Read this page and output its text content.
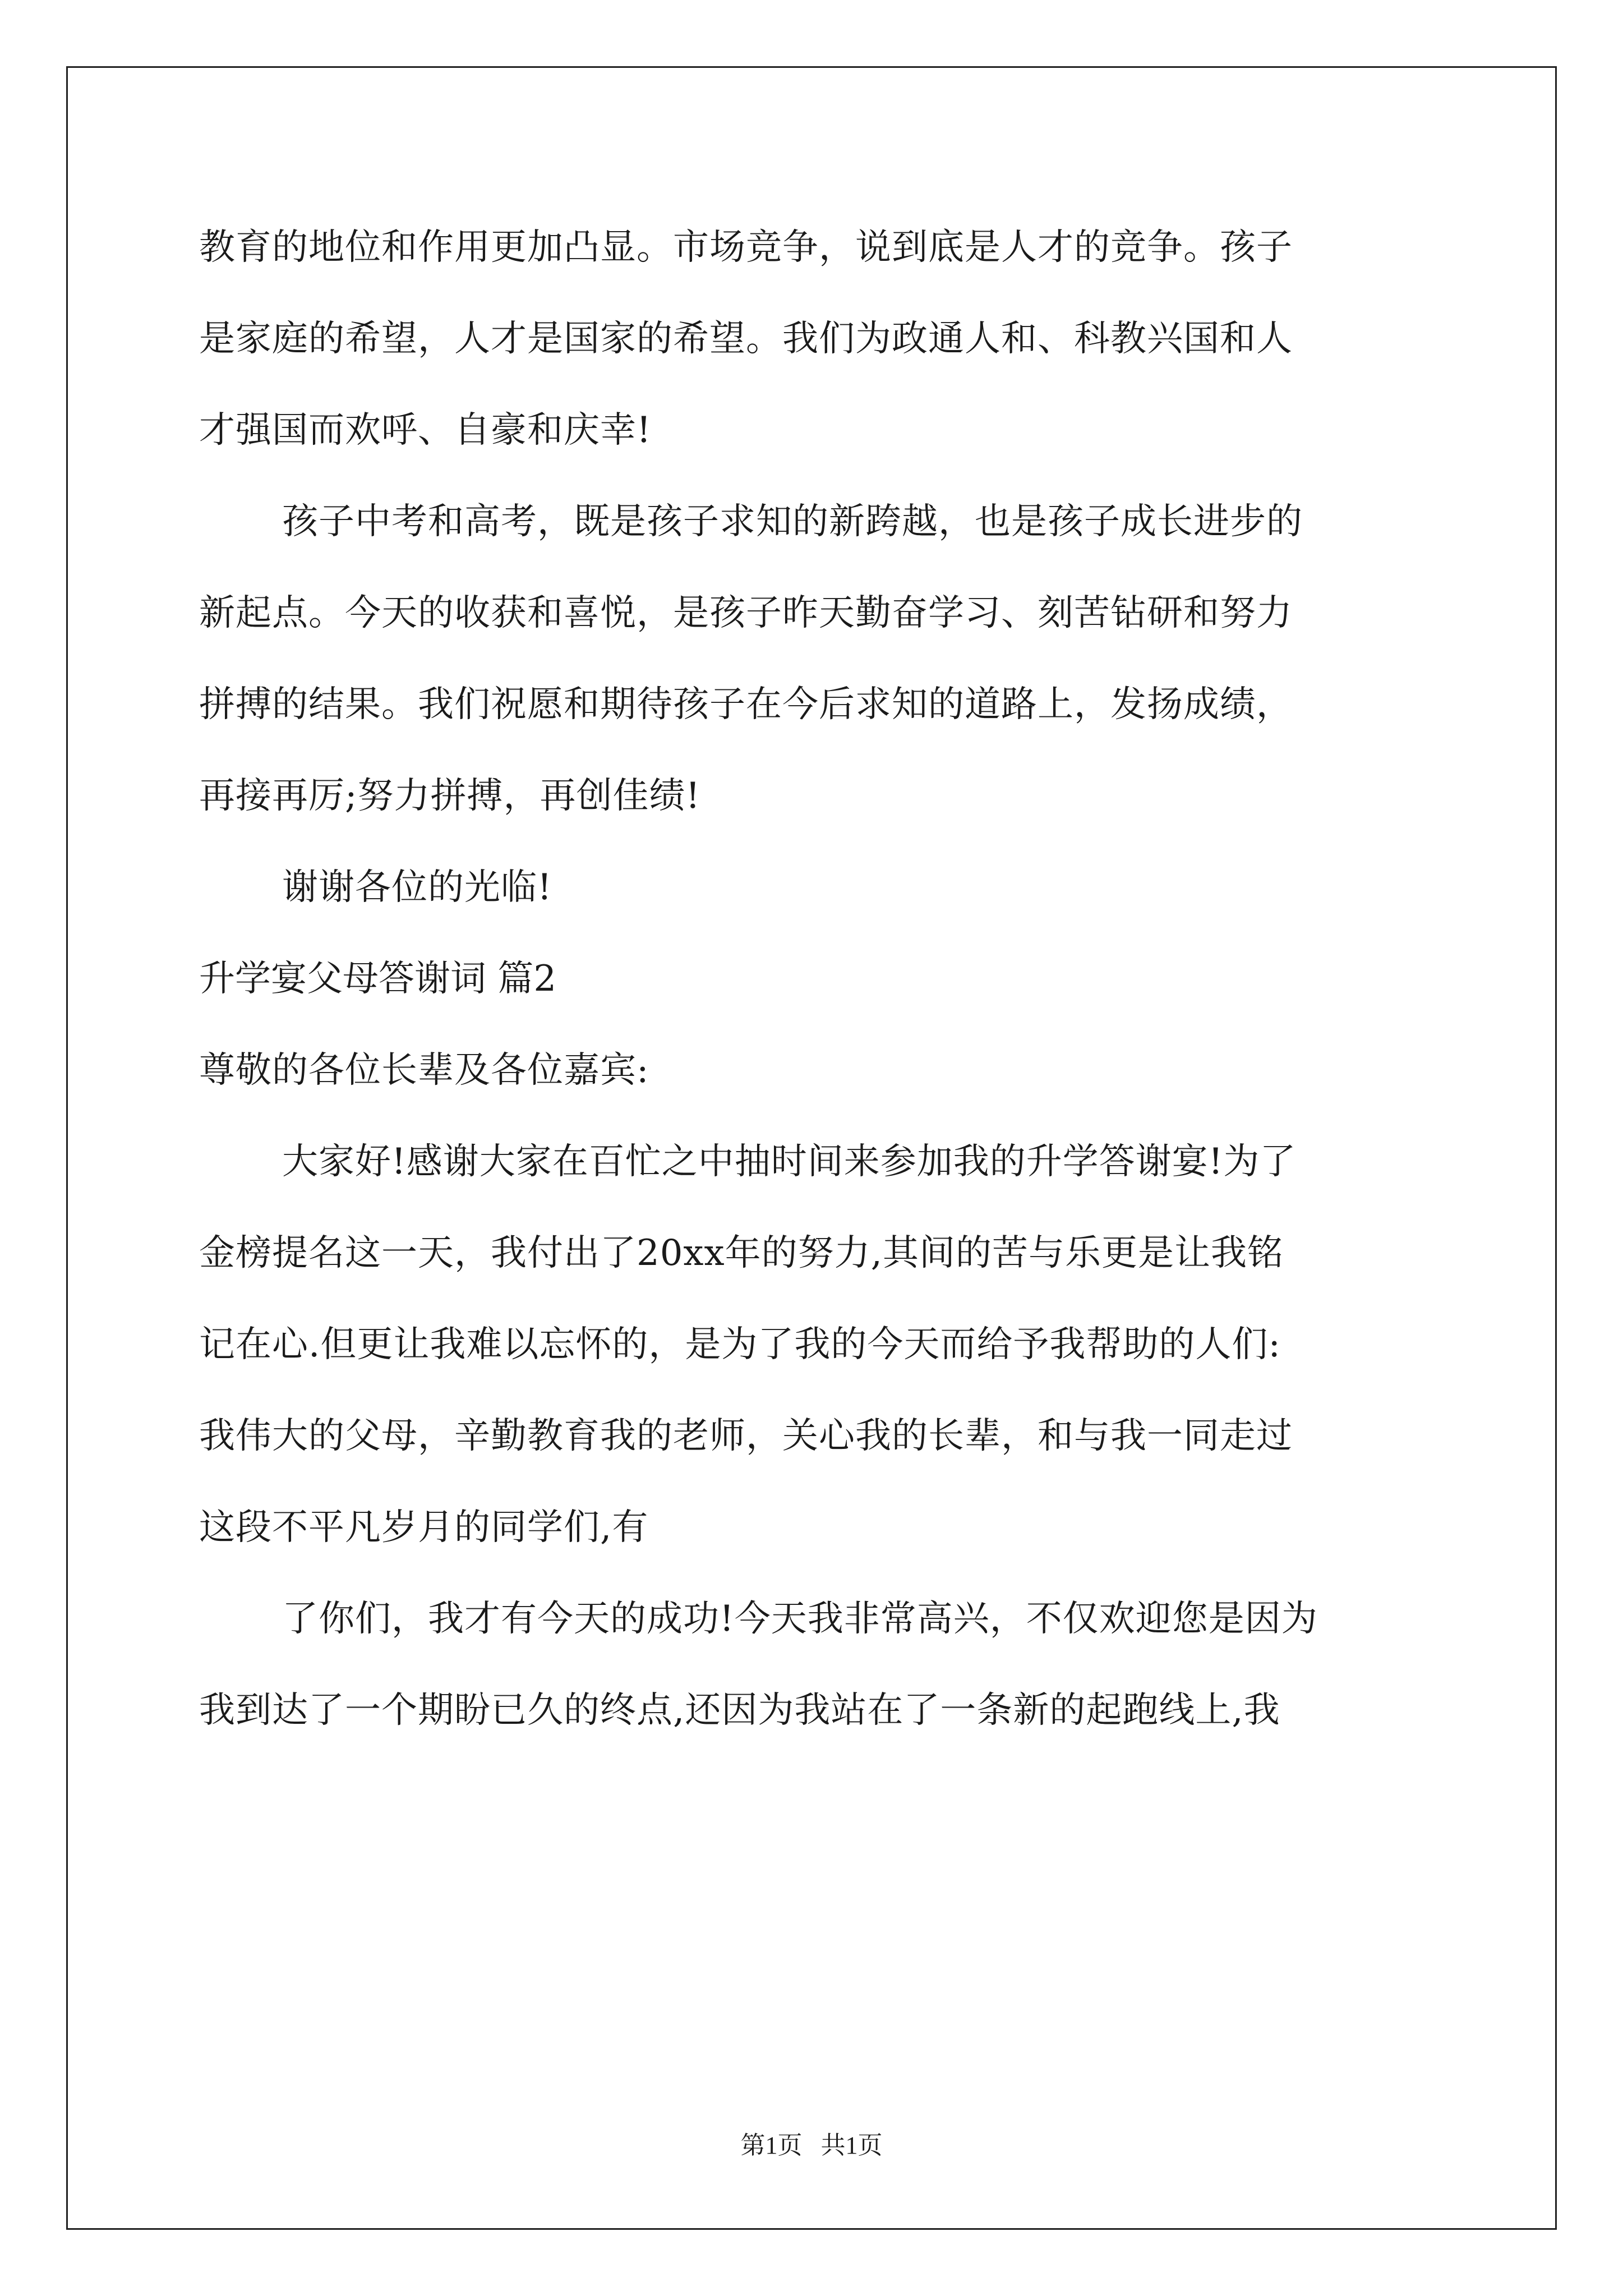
教育的地位和作用更加凸显。市场竞争，说到底是人才的竞争。孩子
是家庭的希望，人才是国家的希望。我们为政通人和、科教兴国和人
才强国而欢呼、自豪和庆幸!
孩子中考和高考，既是孩子求知的新跨越，也是孩子成长进步的
新起点。今天的收获和喜悦，是孩子昨天勤奋学习、刻苦钻研和努力
拼搏的结果。我们祝愿和期待孩子在今后求知的道路上，发扬成绩，
再接再厉;努力拼搏，再创佳绩!
谢谢各位的光临!
升学宴父母答谢词 篇2
尊敬的各位长辈及各位嘉宾:
大家好!感谢大家在百忙之中抽时间来参加我的升学答谢宴!为了
金榜提名这一天，我付出了20xx年的努力,其间的苦与乐更是让我铭
记在心.但更让我难以忘怀的，是为了我的今天而给予我帮助的人们:
我伟大的父母，辛勤教育我的老师，关心我的长辈，和与我一同走过
这段不平凡岁月的同学们,有
了你们，我才有今天的成功!今天我非常高兴，不仅欢迎您是因为
我到达了一个期盼已久的终点,还因为我站在了一条新的起跑线上,我
第1页   共1页
